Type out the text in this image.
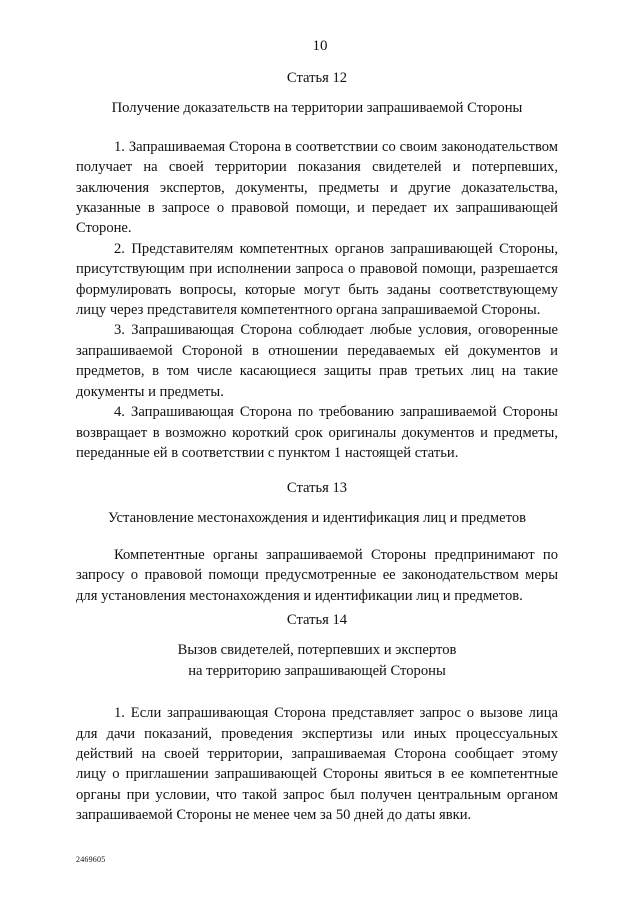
10

Статья 12

Получение доказательств на территории запрашиваемой Стороны

1. Запрашиваемая Сторона в соответствии со своим законодательством получает на своей территории показания свидетелей и потерпевших, заключения экспертов, документы, предметы и другие доказательства, указанные в запросе о правовой помощи, и передает их запрашивающей Стороне.

2. Представителям компетентных органов запрашивающей Стороны, присутствующим при исполнении запроса о правовой помощи, разрешается формулировать вопросы, которые могут быть заданы соответствующему лицу через представителя компетентного органа запрашиваемой Стороны.

3. Запрашивающая Сторона соблюдает любые условия, оговоренные запрашиваемой Стороной в отношении передаваемых ей документов и предметов, в том числе касающиеся защиты прав третьих лиц на такие документы и предметы.

4. Запрашивающая Сторона по требованию запрашиваемой Стороны возвращает в возможно короткий срок оригиналы документов и предметы, переданные ей в соответствии с пунктом 1 настоящей статьи.

Статья 13

Установление местонахождения и идентификация лиц и предметов

Компетентные органы запрашиваемой Стороны предпринимают по запросу о правовой помощи предусмотренные ее законодательством меры для установления местонахождения и идентификации лиц и предметов.

Статья 14

Вызов свидетелей, потерпевших и экспертов

на территорию запрашивающей Стороны

1. Если запрашивающая Сторона представляет запрос о вызове лица для дачи показаний, проведения экспертизы или иных процессуальных действий на своей территории, запрашиваемая Сторона сообщает этому лицу о приглашении запрашивающей Стороны явиться в ее компетентные органы при условии, что такой запрос был получен центральным органом запрашиваемой Стороны не менее чем за 50 дней до даты явки.

2469605
